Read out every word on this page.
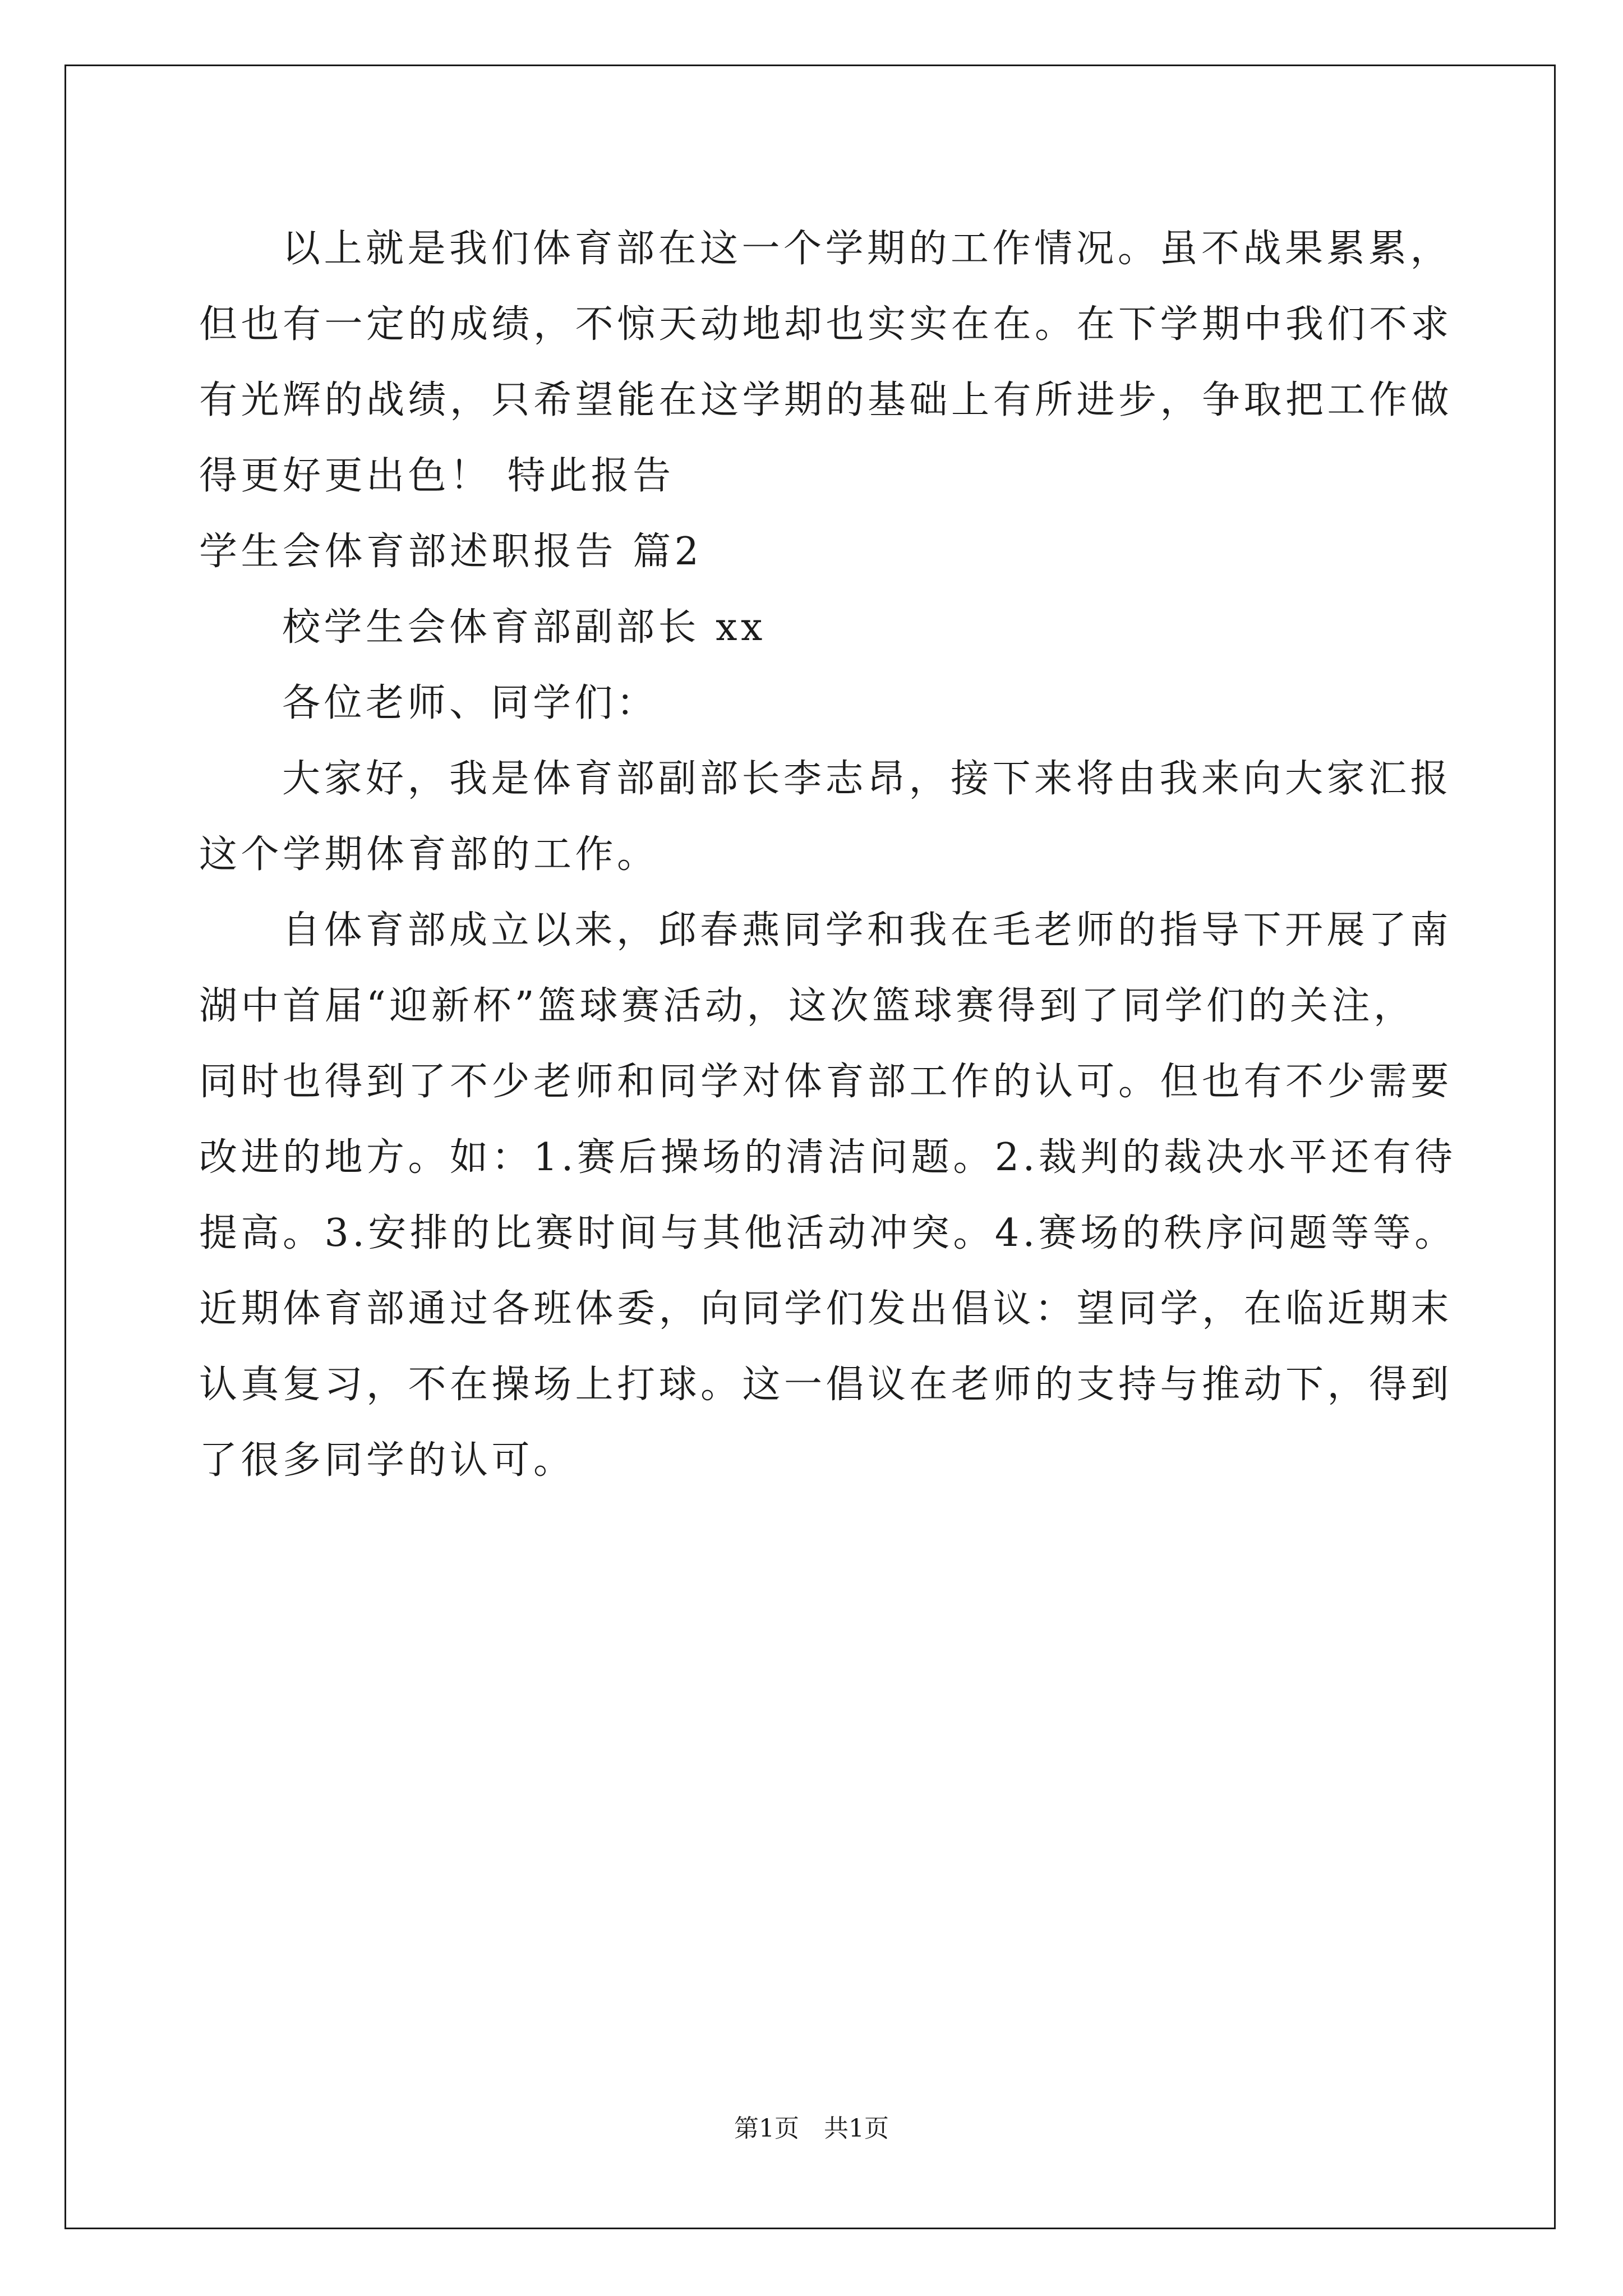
以上就是我们体育部在这一个学期的工作情况。虽不战果累累，
但也有一定的成绩，不惊天动地却也实实在在。在下学期中我们不求
有光辉的战绩，只希望能在这学期的基础上有所进步，争取把工作做
得更好更出色！ 特此报告
学生会体育部述职报告 篇2
校学生会体育部副部长 xx
各位老师、同学们：
大家好，我是体育部副部长李志昂，接下来将由我来向大家汇报
这个学期体育部的工作。
自体育部成立以来，邱春燕同学和我在毛老师的指导下开展了南
湖中首届“迎新杯”篮球赛活动，这次篮球赛得到了同学们的关注，
同时也得到了不少老师和同学对体育部工作的认可。但也有不少需要
改进的地方。如：1.赛后操场的清洁问题。2.裁判的裁决水平还有待
提高。3.安排的比赛时间与其他活动冲突。4.赛场的秩序问题等等。
近期体育部通过各班体委，向同学们发出倡议：望同学，在临近期末
认真复习，不在操场上打球。这一倡议在老师的支持与推动下，得到
了很多同学的认可。
第1页　共1页
